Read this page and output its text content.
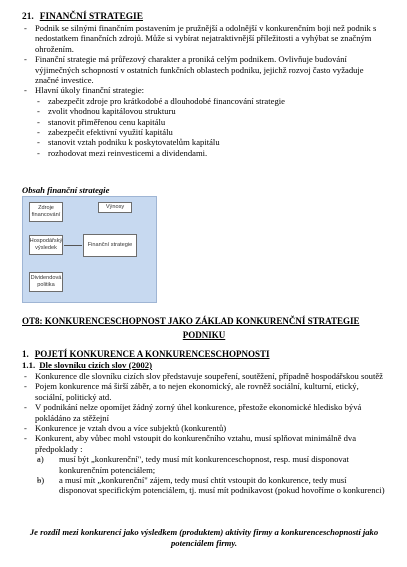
21. FINANČNÍ STRATEGIE
- Podnik se silnými finančním postavením je pružnější a odolnější v konkurenčním boji než podnik s nedostatkem finančních zdrojů. Může si vybírat nejatraktivnější příležitosti a vyhýbat se značným ohrožením.
- Finanční strategie má průřezový charakter a proniká celým podnikem. Ovlivňuje budování výjimečných schopností v ostatních funkčních oblastech podniku, jejichž rozvoj často vyžaduje značné investice.
- Hlavní úkoly finanční strategie:
- zabezpečit zdroje pro krátkodobé a dlouhodobé financování strategie
- zvolit vhodnou kapitálovou strukturu
- stanovit přiměřenou cenu kapitálu
- zabezpečit efektivní využití kapitálu
- stanovit vztah podniku k poskytovatelům kapitálu
- rozhodovat mezi reinvesticemi a dividendami.
Obsah finanční strategie
Zdroje financování
Výnosy
Hospodářský výsledek	Finanční strategie
Dividendová politika
OT8: KONKURENCESCHOPNOST JAKO ZÁKLAD KONKURENČNÍ STRATEGIE
PODNIKU
1. POJETÍ KONKURENCE A KONKURENCESCHOPNOSTI
1.1. Dle slovníku cizích slov (2002)
- Konkurence dle slovníku cizích slov představuje soupeření, soutěžení, případně hospodářskou soutěž
- Pojem konkurence má širší záběr, a to nejen ekonomický, ale rovněž sociální, kulturní, etický, sociální, politický atd.
- V podnikání nelze opomíjet žádný zorný úhel konkurence, přestože ekonomické hledisko bývá pokládáno za stěžejní
- Konkurence je vztah dvou a více subjektů (konkurentů)
- Konkurent, aby vůbec mohl vstoupit do konkurenčního vztahu, musí splňovat minimálně dva předpoklady :
- a) musí být „konkurenční", tedy musí mít konkurenceschopnost, resp. musí disponovat konkurenčním potenciálem;
- b) a musí mít „konkurenční" zájem, tedy musí chtít vstoupit do konkurence, tedy musí disponovat specifickým potenciálem, tj. musí mít podnikavost (pokud hovoříme o konkurenci)
Je rozdíl mezi konkurencí jako výsledkem (produktem) aktivity firmy a konkurenceschopností jako potenciálem firmy.
